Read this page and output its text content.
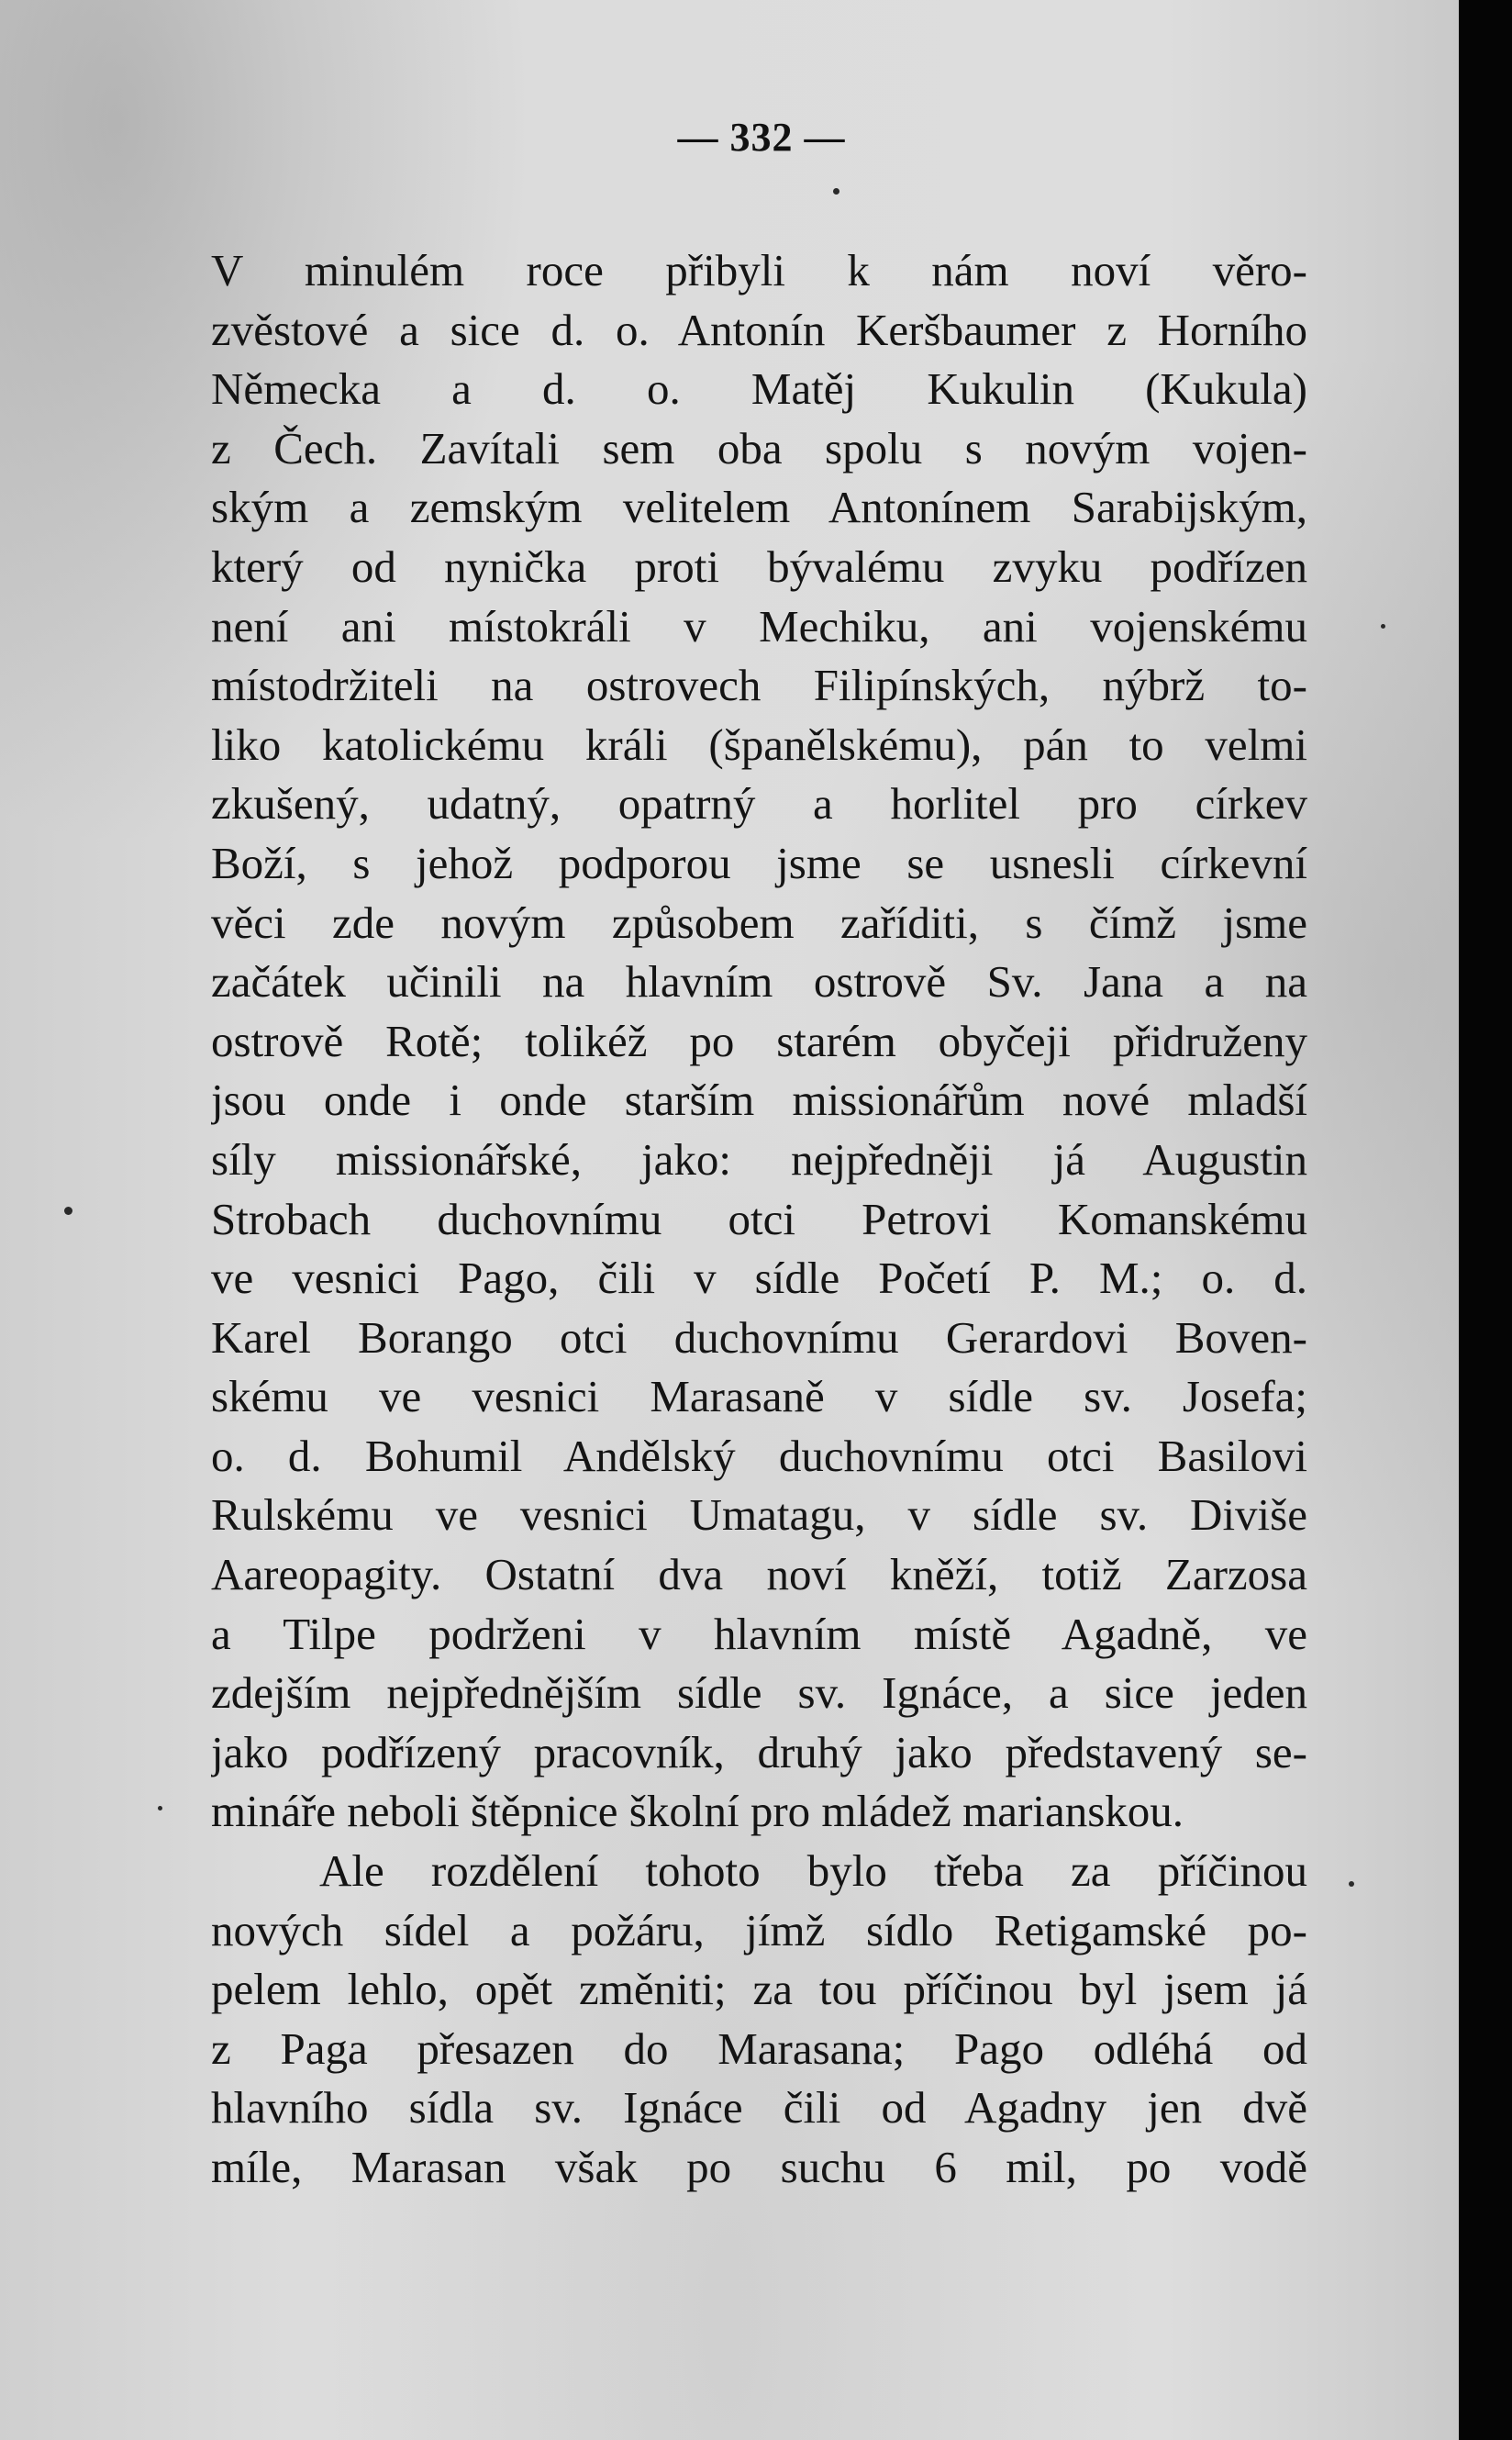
— 332 —
V minulém roce přibyli k nám noví věro-
zvěstové a sice d. o. Antonín Keršbaumer z Horního
Německa a d. o. Matěj Kukulin (Kukula)
z Čech. Zavítali sem oba spolu s novým vojen-
ským a zemským velitelem Antonínem Sarabijským,
který od nynička proti bývalému zvyku podřízen
není ani místokráli v Mechiku, ani vojenskému
místodržiteli na ostrovech Filipínských, nýbrž to-
liko katolickému králi (španělskému), pán to velmi
zkušený, udatný, opatrný a horlitel pro církev
Boží, s jehož podporou jsme se usnesli církevní
věci zde novým způsobem zaříditi, s čímž jsme
začátek učinili na hlavním ostrově Sv. Jana a na
ostrově Rotě; tolikéž po starém obyčeji přidruženy
jsou onde i onde starším missionářům nové mladší
síly missionářské, jako: nejpředněji já Augustin
Strobach duchovnímu otci Petrovi Komanskému
ve vesnici Pago, čili v sídle Početí P. M.; o. d.
Karel Borango otci duchovnímu Gerardovi Boven-
skému ve vesnici Marasaně v sídle sv. Josefa;
o. d. Bohumil Andělský duchovnímu otci Basilovi
Rulskému ve vesnici Umatagu, v sídle sv. Diviše
Aareopagity. Ostatní dva noví kněží, totiž Zarzosa
a Tilpe podrženi v hlavním místě Agadně, ve
zdejším nejpřednějším sídle sv. Ignáce, a sice jeden
jako podřízený pracovník, druhý jako představený se-
mináře neboli štěpnice školní pro mládež marianskou.
Ale rozdělení tohoto bylo třeba za příčinou
nových sídel a požáru, jímž sídlo Retigamské po-
pelem lehlo, opět změniti; za tou příčinou byl jsem já
z Paga přesazen do Marasana; Pago odléhá od
hlavního sídla sv. Ignáce čili od Agadny jen dvě
míle, Marasan však po suchu 6 mil, po vodě
